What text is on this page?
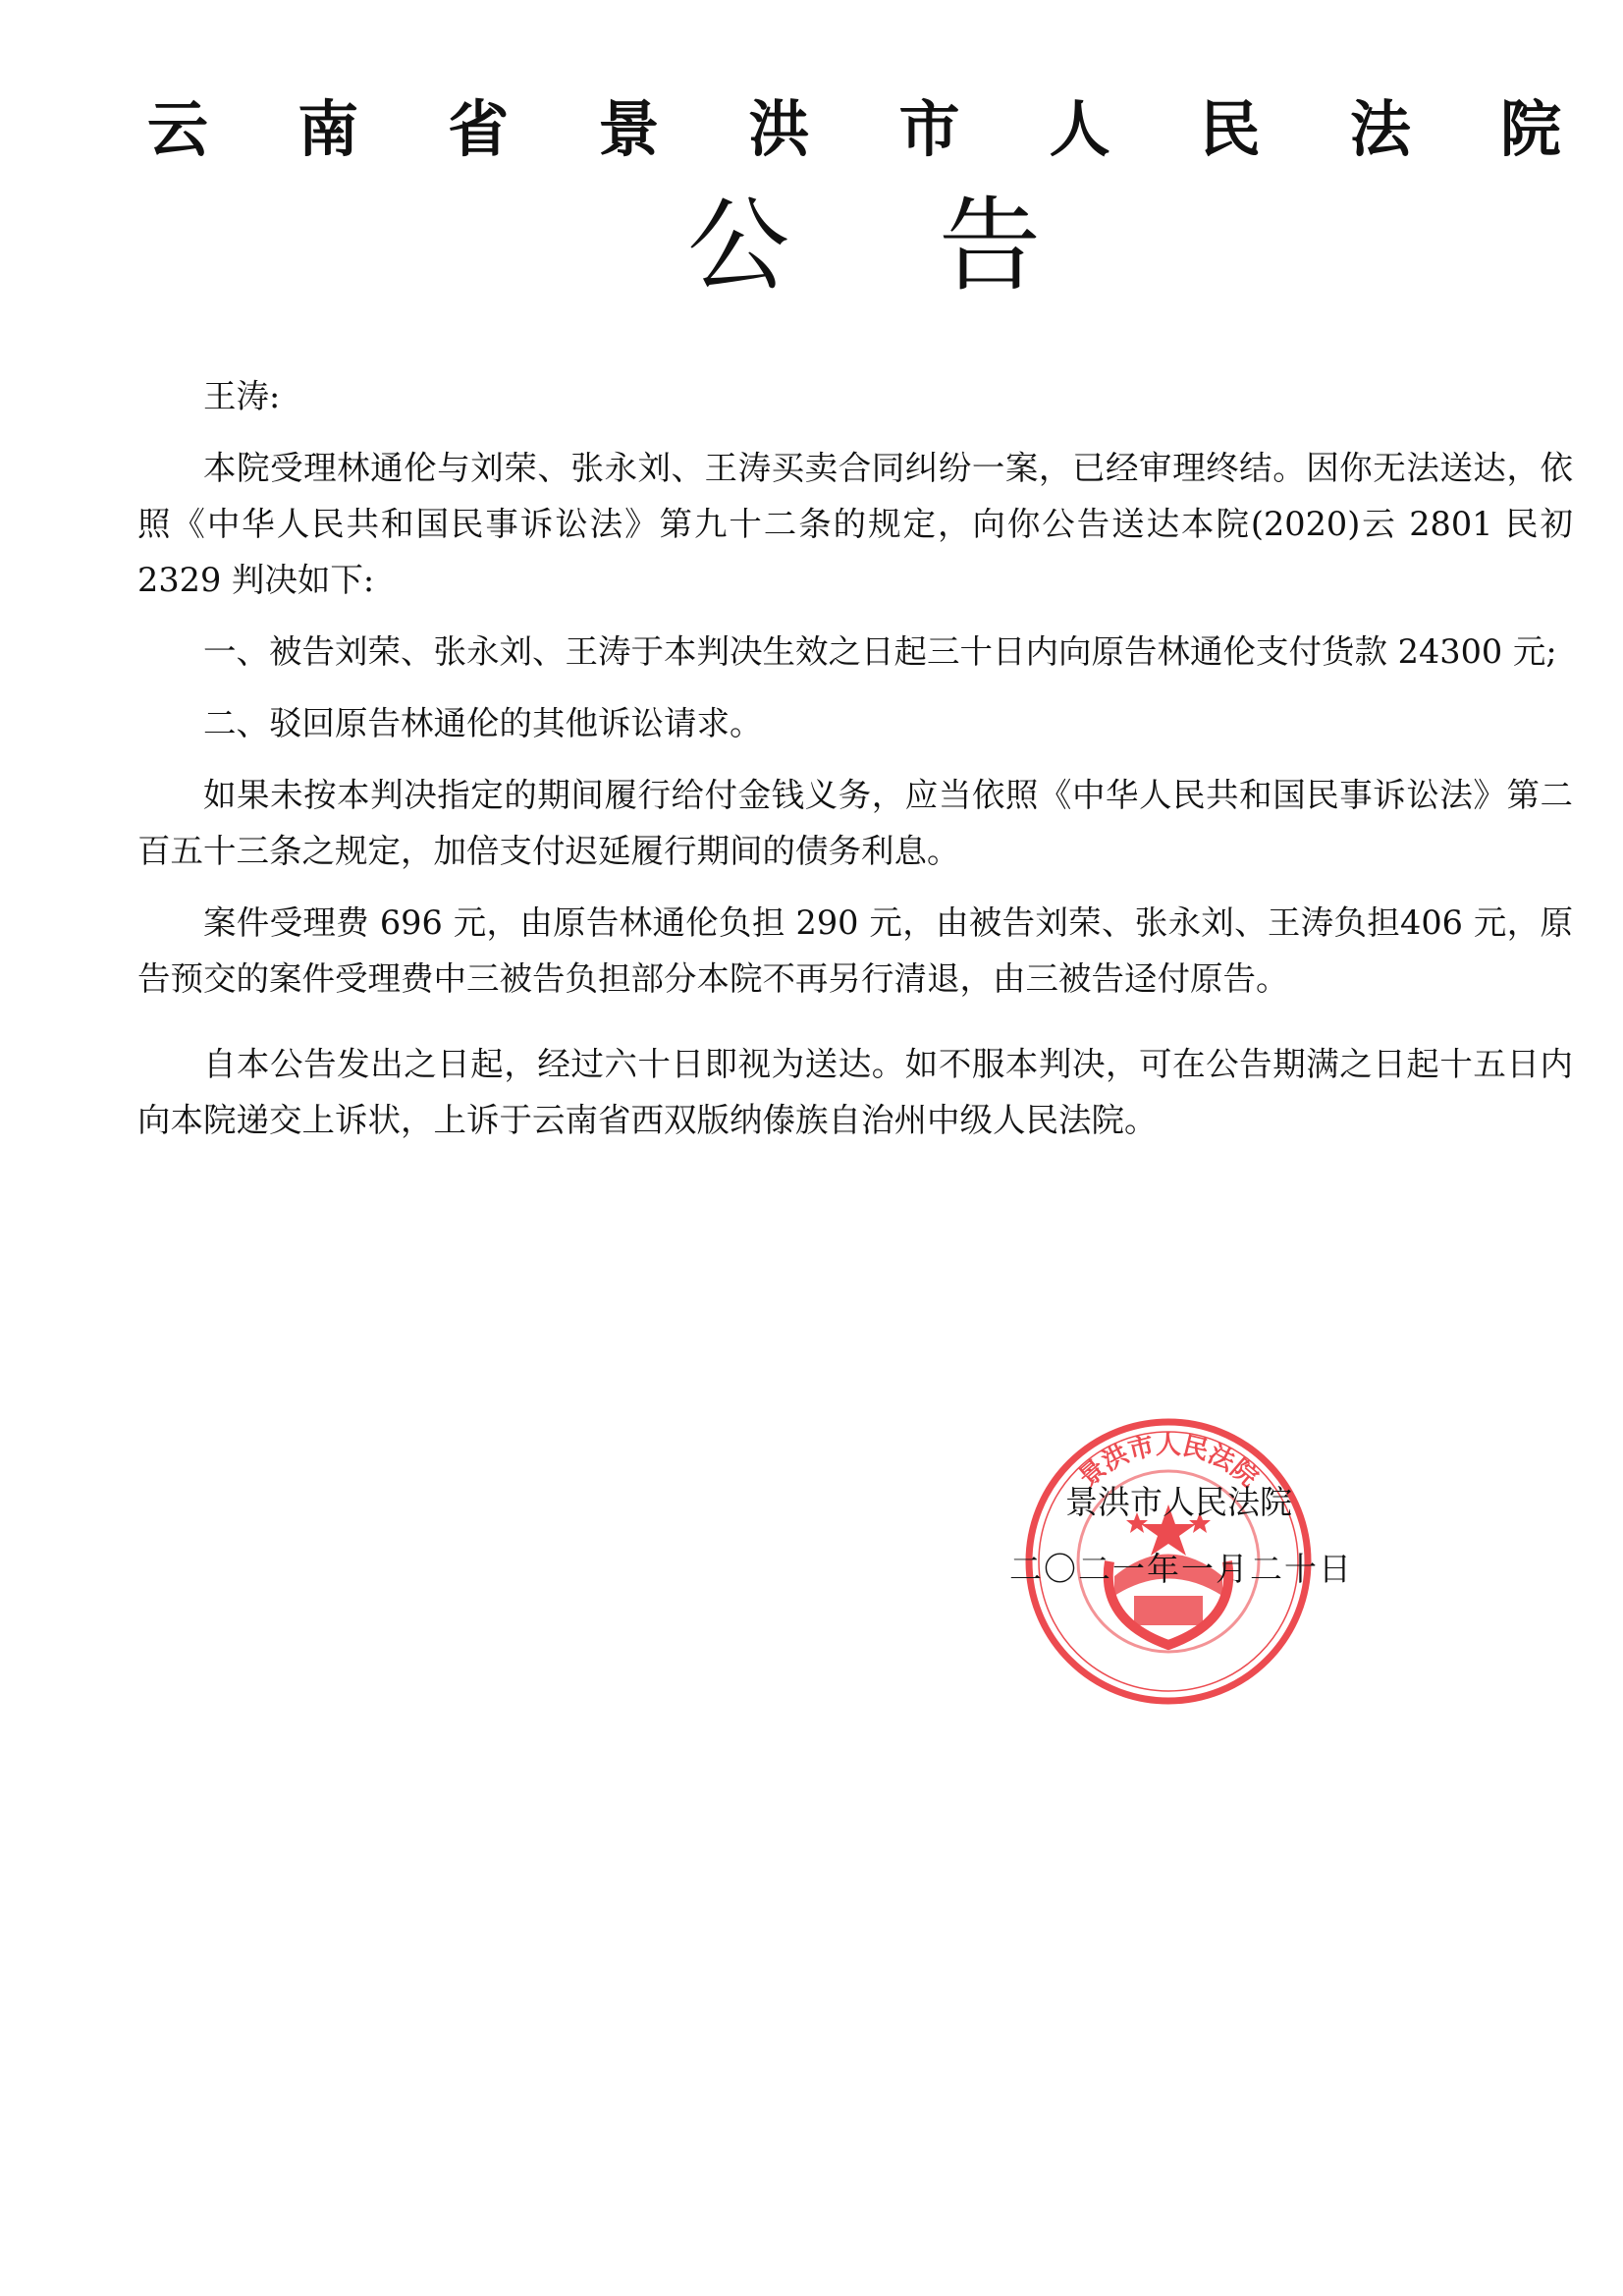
云 南 省 景 洪 市 人 民 法 院
公 告

王涛:

本院受理林通伦与刘荣、张永刘、王涛买卖合同纠纷一案，已经审理终结。因你无法送达，依照《中华人民共和国民事诉讼法》第九十二条的规定，向你公告送达本院(2020)云 2801 民初 2329 判决如下:

一、被告刘荣、张永刘、王涛于本判决生效之日起三十日内向原告林通伦支付货款 24300 元;

二、驳回原告林通伦的其他诉讼请求。

如果未按本判决指定的期间履行给付金钱义务，应当依照《中华人民共和国民事诉讼法》第二百五十三条之规定，加倍支付迟延履行期间的债务利息。

案件受理费 696 元，由原告林通伦负担 290 元，由被告刘荣、张永刘、王涛负担406 元，原告预交的案件受理费中三被告负担部分本院不再另行清退，由三被告迳付原告。

自本公告发出之日起，经过六十日即视为送达。如不服本判决，可在公告期满之日起十五日内向本院递交上诉状，上诉于云南省西双版纳傣族自治州中级人民法院。

景洪市人民法院
景洪市人民法院
二〇二一年一月二十日
